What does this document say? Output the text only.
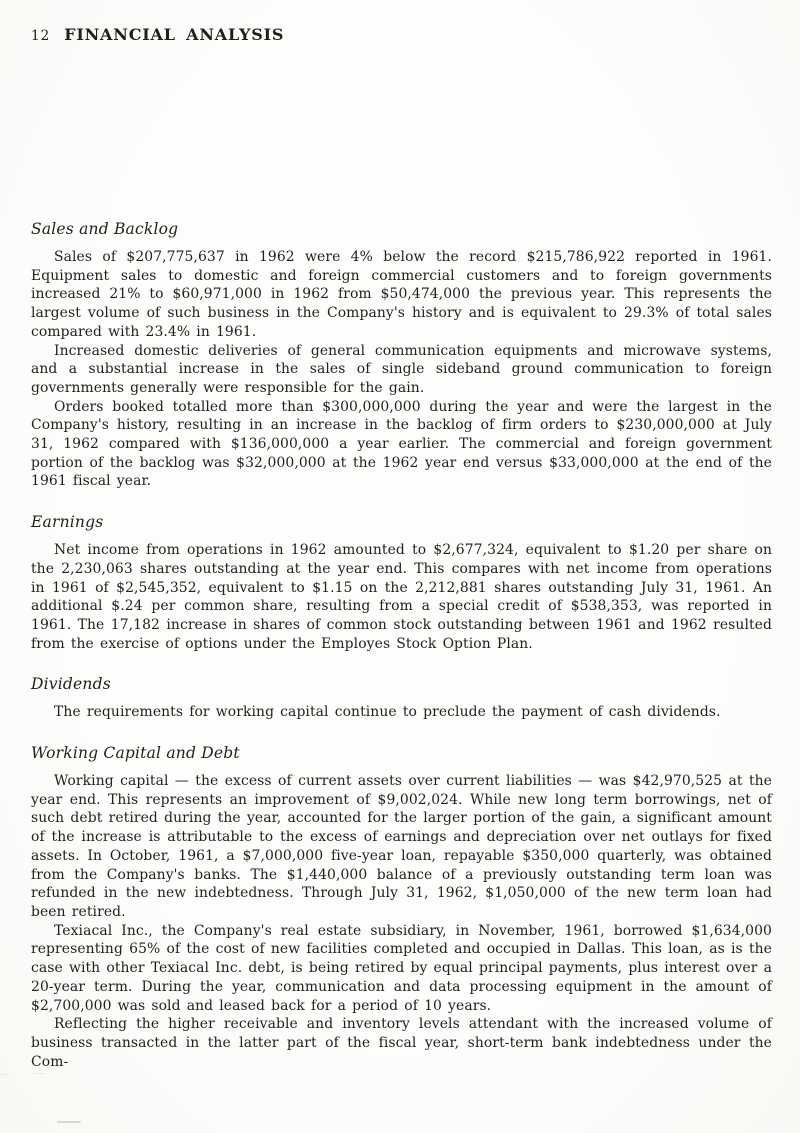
12 FINANCIAL ANALYSIS
Sales and Backlog

Sales of $207,775,637 in 1962 were 4% below the record $215,786,922 reported in 1961. Equipment sales to domestic and foreign commercial customers and to foreign governments increased 21% to $60,971,000 in 1962 from $50,474,000 the previous year. This represents the largest volume of such business in the Company's history and is equivalent to 29.3% of total sales compared with 23.4% in 1961.

Increased domestic deliveries of general communication equipments and microwave systems, and a substantial increase in the sales of single sideband ground communication to foreign governments generally were responsible for the gain.

Orders booked totalled more than $300,000,000 during the year and were the largest in the Company's history, resulting in an increase in the backlog of firm orders to $230,000,000 at July 31, 1962 compared with $136,000,000 a year earlier. The commercial and foreign government portion of the backlog was $32,000,000 at the 1962 year end versus $33,000,000 at the end of the 1961 fiscal year.

Earnings

Net income from operations in 1962 amounted to $2,677,324, equivalent to $1.20 per share on the 2,230,063 shares outstanding at the year end. This compares with net income from operations in 1961 of $2,545,352, equivalent to $1.15 on the 2,212,881 shares outstanding July 31, 1961. An additional $.24 per common share, resulting from a special credit of $538,353, was reported in 1961. The 17,182 increase in shares of common stock outstanding between 1961 and 1962 resulted from the exercise of options under the Employes Stock Option Plan.

Dividends

The requirements for working capital continue to preclude the payment of cash dividends.

Working Capital and Debt

Working capital — the excess of current assets over current liabilities — was $42,970,525 at the year end. This represents an improvement of $9,002,024. While new long term borrowings, net of such debt retired during the year, accounted for the larger portion of the gain, a significant amount of the increase is attributable to the excess of earnings and depreciation over net outlays for fixed assets. In October, 1961, a $7,000,000 five-year loan, repayable $350,000 quarterly, was obtained from the Company's banks. The $1,440,000 balance of a previously outstanding term loan was refunded in the new indebtedness. Through July 31, 1962, $1,050,000 of the new term loan had been retired.

Texiacal Inc., the Company's real estate subsidiary, in November, 1961, borrowed $1,634,000 representing 65% of the cost of new facilities completed and occupied in Dallas. This loan, as is the case with other Texiacal Inc. debt, is being retired by equal principal payments, plus interest over a 20-year term. During the year, communication and data processing equipment in the amount of $2,700,000 was sold and leased back for a period of 10 years.

Reflecting the higher receivable and inventory levels attendant with the increased volume of business transacted in the latter part of the fiscal year, short-term bank indebtedness under the Com-
